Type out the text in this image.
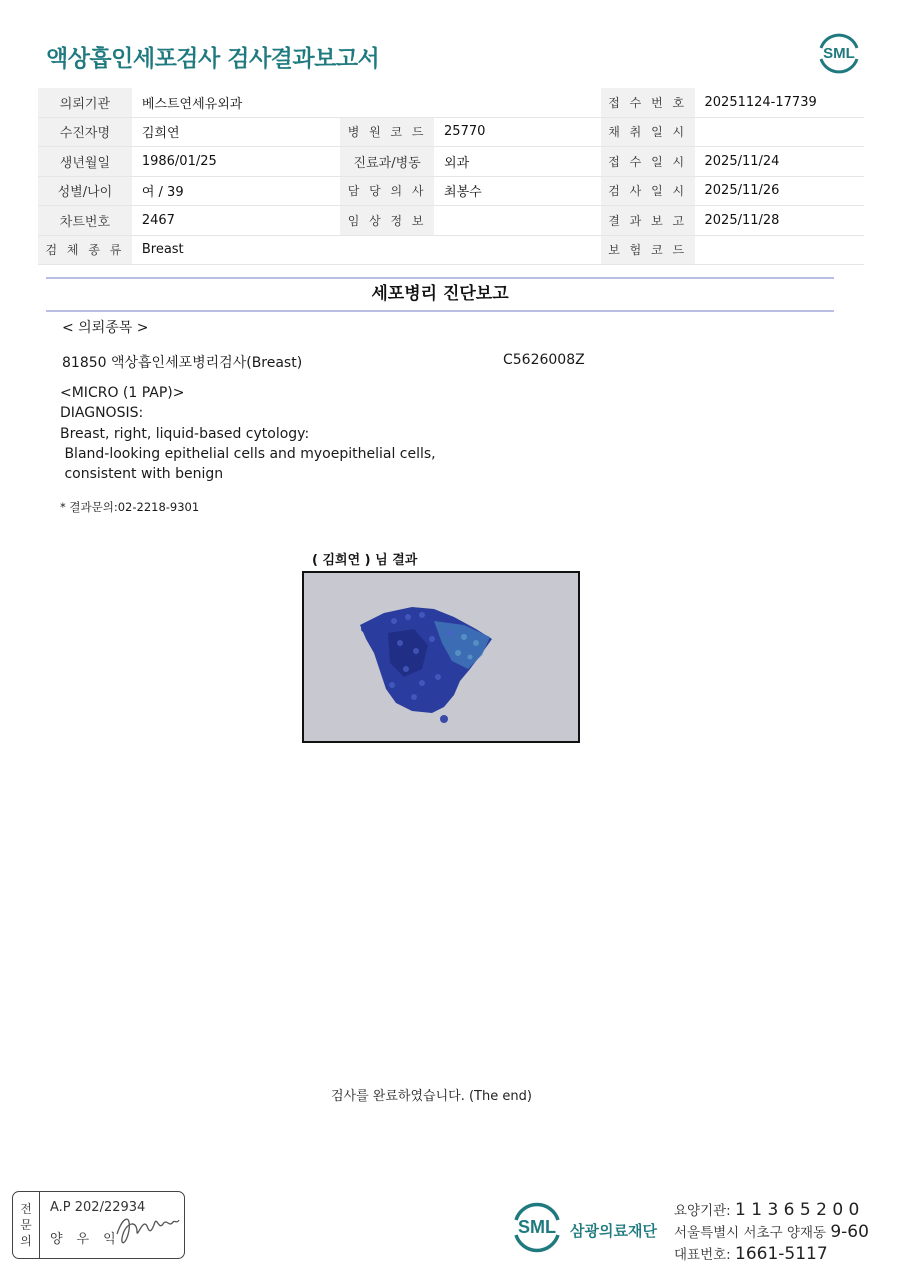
액상흡인세포검사 검사결과보고서	SML
의뢰기관	베스트연세유외과			접 수 번 호	20251124-17739
수진자명	김희연	병 원 코 드	25770	채 취 일 시	
생년월일	1986/01/25	진료과/병동	외과	접 수 일 시	2025/11/24
성별/나이	여 / 39	담 당 의 사	최봉수	검 사 일 시	2025/11/26
차트번호	2467	임 상 정 보		결 과 보 고	2025/11/28
검 체 종 류	Breast			보 험 코 드	
세포병리 진단보고
< 의뢰종목 >
81850 액상흡인세포병리검사(Breast)	C5626008Z
<MICRO (1 PAP)>
DIAGNOSIS:
Breast, right, liquid-based cytology:
Bland-looking epithelial cells and myoepithelial cells,
consistent with benign
* 결과문의:02-2218-9301
( 김희연 ) 님 결과
검사를 완료하였습니다. (The end)
전
문
의
A.P 202/22934
양우익
SML 삼광의료재단
요양기관: 1 1 3 6 5 2 0 0
서울특별시 서초구 양재동 9-60
대표번호: 1661-5117
